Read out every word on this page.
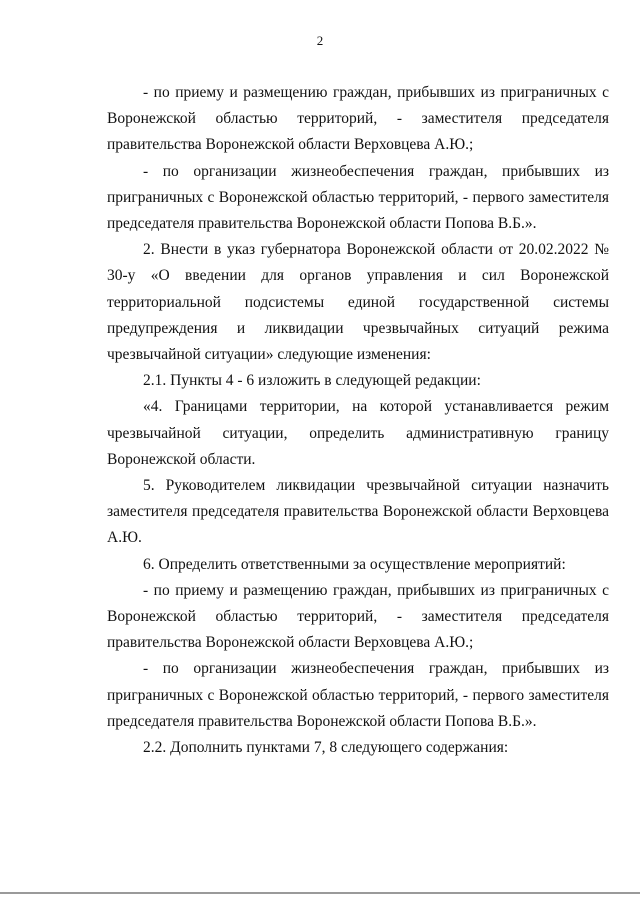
2

- по приему и размещению граждан, прибывших из приграничных с Воронежской областью территорий, - заместителя председателя правительства Воронежской области Верховцева А.Ю.;

- по организации жизнеобеспечения граждан, прибывших из приграничных с Воронежской областью территорий, - первого заместителя председателя правительства Воронежской области Попова В.Б.».

2. Внести в указ губернатора Воронежской области от 20.02.2022 № 30-у «О введении для органов управления и сил Воронежской территориальной подсистемы единой государственной системы предупреждения и ликвидации чрезвычайных ситуаций режима чрезвычайной ситуации» следующие изменения:

2.1. Пункты 4 - 6 изложить в следующей редакции:

«4. Границами территории, на которой устанавливается режим чрезвычайной ситуации, определить административную границу Воронежской области.

5. Руководителем ликвидации чрезвычайной ситуации назначить заместителя председателя правительства Воронежской области Верховцева А.Ю.

6. Определить ответственными за осуществление мероприятий:

- по приему и размещению граждан, прибывших из приграничных с Воронежской областью территорий, - заместителя председателя правительства Воронежской области Верховцева А.Ю.;

- по организации жизнеобеспечения граждан, прибывших из приграничных с Воронежской областью территорий, - первого заместителя председателя правительства Воронежской области Попова В.Б.».

2.2. Дополнить пунктами 7, 8 следующего содержания:
